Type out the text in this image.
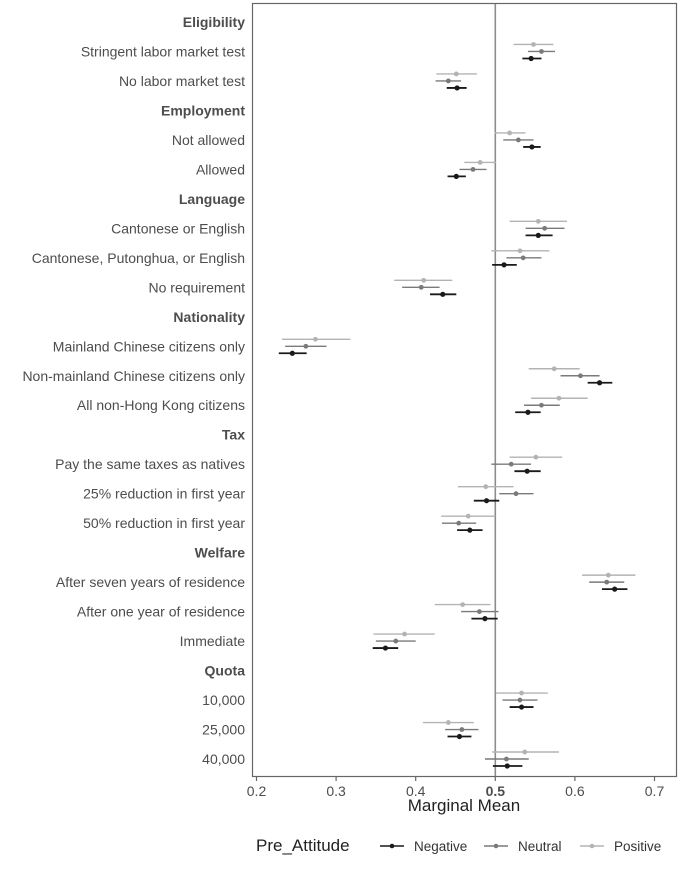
Eligibility
Stringent labor market test
No labor market test
Employment
Not allowed
Allowed
Language
Cantonese or English
Cantonese, Putonghua, or English
No requirement
Nationality
Mainland Chinese citizens only
Non-mainland Chinese citizens only
All non-Hong Kong citizens
Tax
Pay the same taxes as natives
25% reduction in first year
50% reduction in first year
Welfare
After seven years of residence
After one year of residence
Immediate
Quota
10,000
25,000
40,000
0.2	0.3	0.4	0.5	0.6	0.7
Marginal Mean
Pre_Attitude	Negative	Neutral	Positive
